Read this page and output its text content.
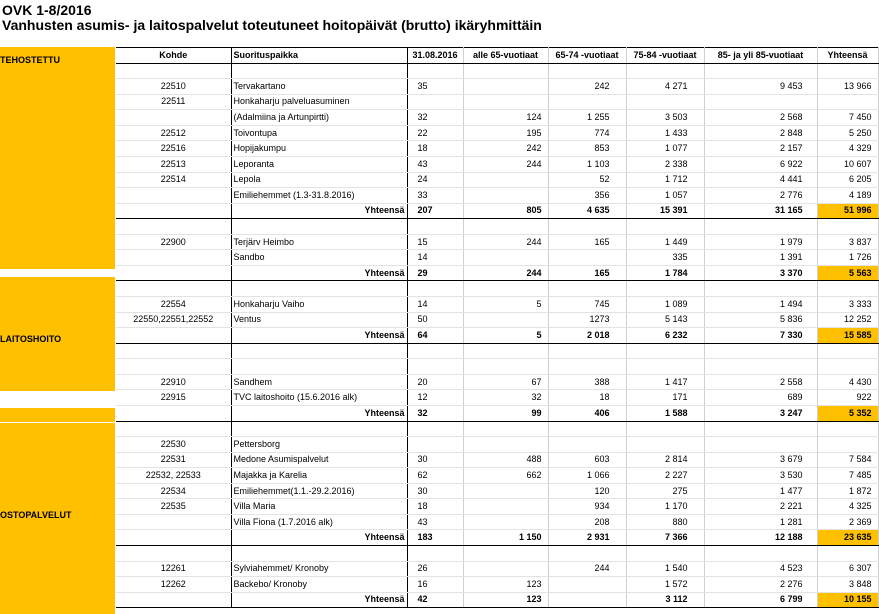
OVK 1-8/2016
Vanhusten asumis- ja laitospalvelut toteutuneet hoitopäivät (brutto) ikäryhmittäin
TEHOSTETTU
LAITOSHOITO
OSTOPALVELUT
Kohde	Suorituspaikka	31.08.2016	alle 65-vuotiaat	65-74 -vuotiaat	75-84 -vuotiaat	85- ja yli 85-vuotiaat	Yhteensä

22510	Tervakartano	35		242	4 271	9 453	13 966
22511	Honkaharju palveluasuminen						
	(Adalmiina ja Artunpirtti)	32	124	1 255	3 503	2 568	7 450
22512	Toivontupa	22	195	774	1 433	2 848	5 250
22516	Hopijakumpu	18	242	853	1 077	2 157	4 329
22513	Leporanta	43	244	1 103	2 338	6 922	10 607
22514	Lepola	24		52	1 712	4 441	6 205
	Emiliehemmet (1.3-31.8.2016)	33		356	1 057	2 776	4 189
	Yhteensä	207	805	4 635	15 391	31 165	51 996

22900	Terjärv Heimbo	15	244	165	1 449	1 979	3 837
	Sandbo	14			335	1 391	1 726
	Yhteensä	29	244	165	1 784	3 370	5 563

22554	Honkaharju Vaiho	14	5	745	1 089	1 494	3 333
22550,22551,22552	Ventus	50		1273	5 143	5 836	12 252
	Yhteensä	64	5	2 018	6 232	7 330	15 585

22910	Sandhem	20	67	388	1 417	2 558	4 430
22915	TVC laitoshoito (15.6.2016 alk)	12	32	18	171	689	922
	Yhteensä	32	99	406	1 588	3 247	5 352

22530	Pettersborg						
22531	Medone Asumispalvelut	30	488	603	2 814	3 679	7 584
22532, 22533	Majakka ja Karelia	62	662	1 066	2 227	3 530	7 485
22534	Emiliehemmet(1.1.-29.2.2016)	30		120	275	1 477	1 872
22535	Villa Maria	18		934	1 170	2 221	4 325
	Villa Fiona (1.7.2016 alk)	43		208	880	1 281	2 369
	Yhteensä	183	1 150	2 931	7 366	12 188	23 635

12261	Sylviahemmet/ Kronoby	26		244	1 540	4 523	6 307
12262	Backebo/ Kronoby	16	123		1 572	2 276	3 848
	Yhteensä	42	123		3 112	6 799	10 155
